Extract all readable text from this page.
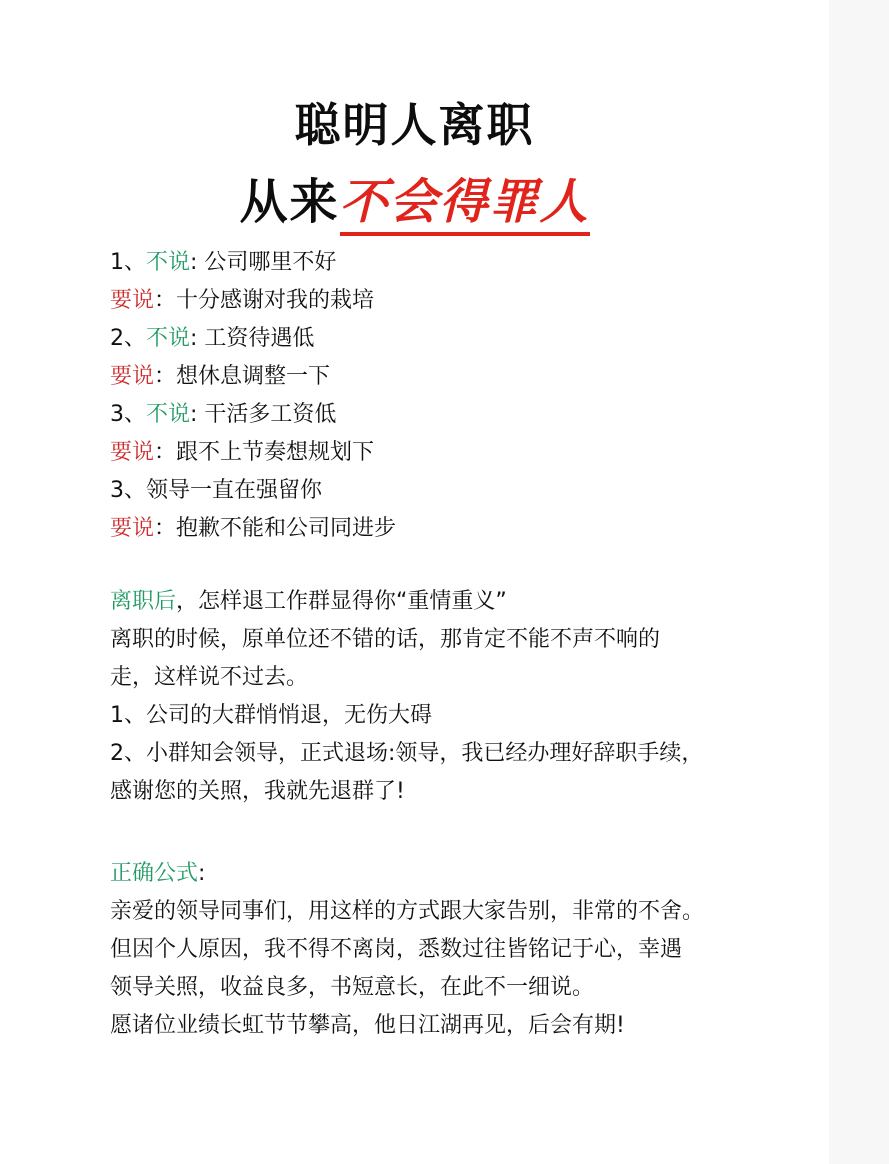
聪明人离职
从来不会得罪人
1、不说: 公司哪里不好
要说：十分感谢对我的栽培
2、不说: 工资待遇低
要说：想休息调整一下
3、不说: 干活多工资低
要说：跟不上节奏想规划下
3、领导一直在强留你
要说：抱歉不能和公司同进步
离职后，怎样退工作群显得你“重情重义”
离职的时候，原单位还不错的话，那肯定不能不声不响的
走，这样说不过去。
1、公司的大群悄悄退，无伤大碍
2、小群知会领导，正式退场:领导，我已经办理好辞职手续，
感谢您的关照，我就先退群了!
正确公式:
亲爱的领导同事们，用这样的方式跟大家告别，非常的不舍。
但因个人原因，我不得不离岗，悉数过往皆铭记于心，幸遇
领导关照，收益良多，书短意长，在此不一细说。
愿诸位业绩长虹节节攀高，他日江湖再见，后会有期!
